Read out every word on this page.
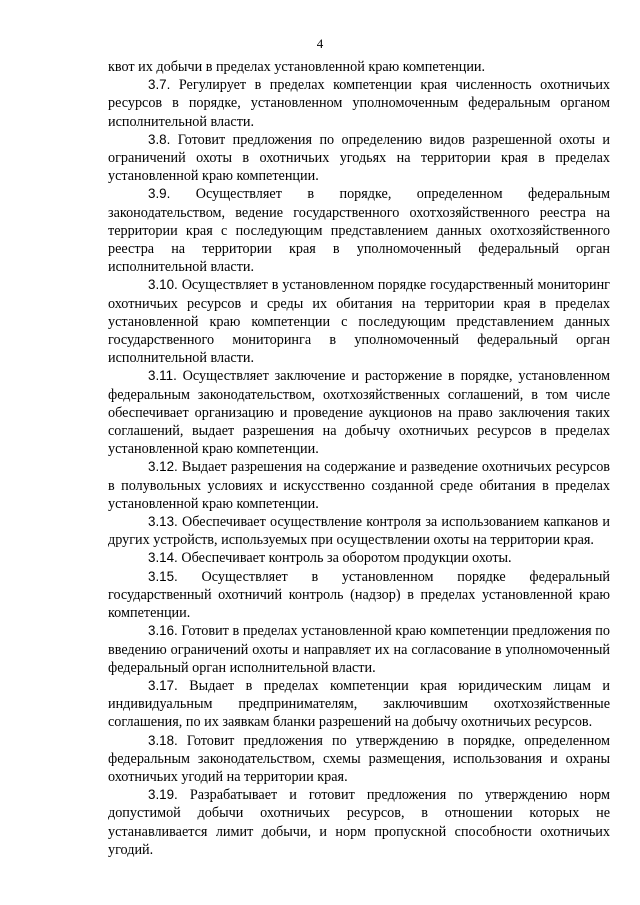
4

квот их добычи в пределах установленной краю компетенции.

3.7. Регулирует в пределах компетенции края численность охотничьих ресурсов в порядке, установленном уполномоченным федеральным органом исполнительной власти.

3.8. Готовит предложения по определению видов разрешенной охоты и ограничений охоты в охотничьих угодьях на территории края в пределах установленной краю компетенции.

3.9. Осуществляет в порядке, определенном федеральным законодательством, ведение государственного охотхозяйственного реестра на территории края с последующим представлением данных охотхозяйственного реестра на территории края в уполномоченный федеральный орган исполнительной власти.

3.10. Осуществляет в установленном порядке государственный мониторинг охотничьих ресурсов и среды их обитания на территории края в пределах установленной краю компетенции с последующим представлением данных государственного мониторинга в уполномоченный федеральный орган исполнительной власти.

3.11. Осуществляет заключение и расторжение в порядке, установленном федеральным законодательством, охотхозяйственных соглашений, в том числе обеспечивает организацию и проведение аукционов на право заключения таких соглашений, выдает разрешения на добычу охотничьих ресурсов в пределах установленной краю компетенции.

3.12. Выдает разрешения на содержание и разведение охотничьих ресурсов в полувольных условиях и искусственно созданной среде обитания в пределах установленной краю компетенции.

3.13. Обеспечивает осуществление контроля за использованием капканов и других устройств, используемых при осуществлении охоты на территории края.

3.14. Обеспечивает контроль за оборотом продукции охоты.

3.15. Осуществляет в установленном порядке федеральный государственный охотничий контроль (надзор) в пределах установленной краю компетенции.

3.16. Готовит в пределах установленной краю компетенции предложения по введению ограничений охоты и направляет их на согласование в уполномоченный федеральный орган исполнительной власти.

3.17. Выдает в пределах компетенции края юридическим лицам и индивидуальным предпринимателям, заключившим охотхозяйственные соглашения, по их заявкам бланки разрешений на добычу охотничьих ресурсов.

3.18. Готовит предложения по утверждению в порядке, определенном федеральным законодательством, схемы размещения, использования и охраны охотничьих угодий на территории края.

3.19. Разрабатывает и готовит предложения по утверждению норм допустимой добычи охотничьих ресурсов, в отношении которых не устанавливается лимит добычи, и норм пропускной способности охотничьих угодий.
